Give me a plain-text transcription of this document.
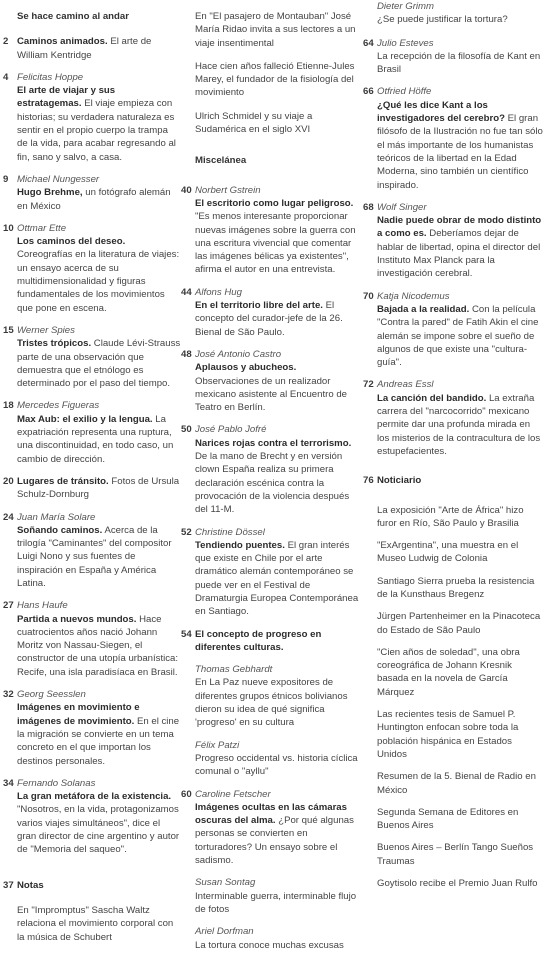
Se hace camino al andar
2 Caminos animados. El arte de William Kentridge
4 Felicitas Hoppe
El arte de viajar y sus estratagemas. El viaje empieza con historias; su verdadera naturaleza es sentir en el propio cuerpo la trampa de la vida, para acabar regresando al fin, sano y salvo, a casa.
9 Michael Nungesser
Hugo Brehme, un fotógrafo alemán en México
10 Ottmar Ette
Los caminos del deseo. Coreografías en la literatura de viajes: un ensayo acerca de su multidimensionalidad y figuras fundamentales de los movimientos que pone en escena.
15 Werner Spies
Tristes trópicos. Claude Lévi-Strauss parte de una observación que demuestra que el etnólogo es determinado por el paso del tiempo.
18 Mercedes Figueras
Max Aub: el exilio y la lengua. La expatriación representa una ruptura, una discontinuidad, en todo caso, un cambio de dirección.
20 Lugares de tránsito. Fotos de Ursula Schulz-Dornburg
24 Juan María Solare
Soñando caminos. Acerca de la trilogía "Caminantes" del compositor Luigi Nono y sus fuentes de inspiración en España y América Latina.
27 Hans Haufe
Partida a nuevos mundos. Hace cuatrocientos años nació Johann Moritz von Nassau-Siegen, el constructor de una utopía urbanística: Recife, una isla paradisíaca en Brasil.
32 Georg Seesslen
Imágenes en movimiento e imágenes de movimiento. En el cine la migración se convierte en un tema concreto en el que importan los destinos personales.
34 Fernando Solanas
La gran metáfora de la existencia. "Nosotros, en la vida, protagonizamos varios viajes simultáneos", dice el gran director de cine argentino y autor de "Memoria del saqueo".
37 Notas
En "Impromptus" Sascha Waltz relaciona el movimiento corporal con la música de Schubert
En "El pasajero de Montauban" José María Ridao invita a sus lectores a un viaje insentimental
Hace cien años falleció Etienne-Jules Marey, el fundador de la fisiología del movimiento
Ulrich Schmidel y su viaje a Sudamérica en el siglo XVI
Miscelánea
40 Norbert Gstrein
El escritorio como lugar peligroso. "Es menos interesante proporcionar nuevas imágenes sobre la guerra con una escritura vivencial que comentar las imágenes bélicas ya existentes", afirma el autor en una entrevista.
44 Alfons Hug
En el territorio libre del arte. El concepto del curador-jefe de la 26. Bienal de São Paulo.
48 José Antonio Castro
Aplausos y abucheos. Observaciones de un realizador mexicano asistente al Encuentro de Teatro en Berlín.
50 José Pablo Jofré
Narices rojas contra el terrorismo. De la mano de Brecht y en versión clown España realiza su primera declaración escénica contra la provocación de la violencia después del 11-M.
52 Christine Dössel
Tendiendo puentes. El gran interés que existe en Chile por el arte dramático alemán contemporáneo se puede ver en el Festival de Dramaturgia Europea Contemporánea en Santiago.
54 El concepto de progreso en diferentes culturas.
Thomas Gebhardt
En La Paz nueve expositores de diferentes grupos étnicos bolivianos dieron su idea de qué significa 'progreso' en su cultura
Félix Patzi
Progreso occidental vs. historia cíclica comunal o "ayllu"
60 Caroline Fetscher
Imágenes ocultas en las cámaras oscuras del alma. ¿Por qué algunas personas se convierten en torturadores? Un ensayo sobre el sadismo.
Susan Sontag
Interminable guerra, interminable flujo de fotos
Ariel Dorfman
La tortura conoce muchas excusas
Dieter Grimm
¿Se puede justificar la tortura?
64 Julio Esteves
La recepción de la filosofía de Kant en Brasil
66 Otfried Höffe
¿Qué les dice Kant a los investigadores del cerebro? El gran filósofo de la Ilustración no fue tan sólo el más importante de los humanistas teóricos de la libertad en la Edad Moderna, sino también un científico inspirado.
68 Wolf Singer
Nadie puede obrar de modo distinto a como es. Deberíamos dejar de hablar de libertad, opina el director del Instituto Max Planck para la investigación cerebral.
70 Katja Nicodemus
Bajada a la realidad. Con la película "Contra la pared" de Fatih Akin el cine alemán se impone sobre el sueño de algunos de que existe una "cultura-guía".
72 Andreas Essl
La canción del bandido. La extraña carrera del "narcocorrido" mexicano permite dar una profunda mirada en los misterios de la contracultura de los estupefacientes.
76 Noticiario
La exposición "Arte de África" hizo furor en Río, São Paulo y Brasilia
"ExArgentina", una muestra en el Museo Ludwig de Colonia
Santiago Sierra prueba la resistencia de la Kunsthaus Bregenz
Jürgen Partenheimer en la Pinacoteca do Estado de São Paulo
"Cien años de soledad", una obra coreográfica de Johann Kresnik basada en la novela de García Márquez
Las recientes tesis de Samuel P. Huntington enfocan sobre toda la población hispánica en Estados Unidos
Resumen de la 5. Bienal de Radio en México
Segunda Semana de Editores en Buenos Aires
Buenos Aires – Berlín Tango Sueños Traumas
Goytisolo recibe el Premio Juan Rulfo
